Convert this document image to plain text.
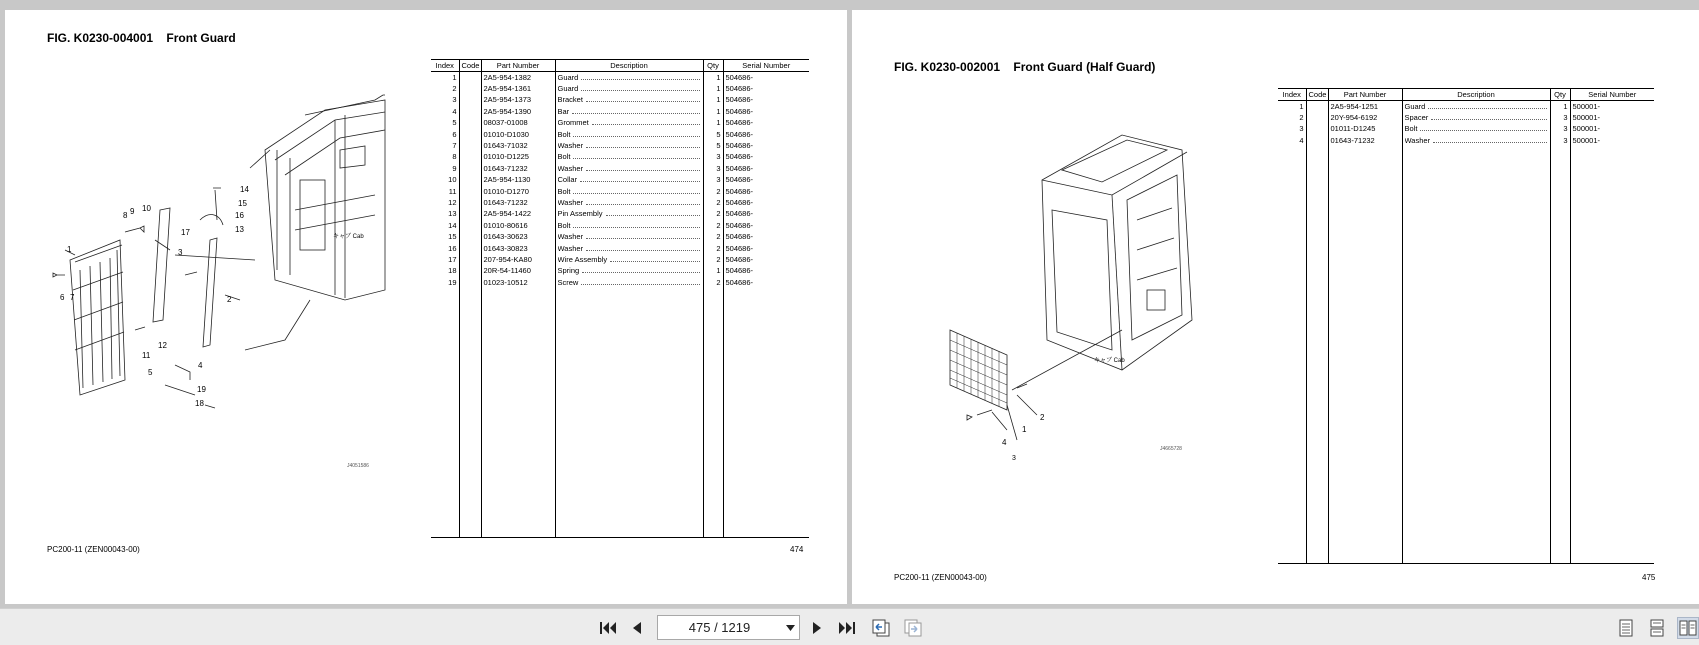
FIG. K0230-004001    Front Guard
1
2
3
4
5
6 7
8 9 10
11
12
13
14
15
16
17
18
19
キャブ Cab
J4051586
Index	Code	Part Number	Description	Qty	Serial Number
1		2A5-954-1382	Guard	1	504686-
2		2A5-954-1361	Guard	1	504686-
3		2A5-954-1373	Bracket	1	504686-
4		2A5-954-1390	Bar	1	504686-
5		08037-01008	Grommet	1	504686-
6		01010-D1030	Bolt	5	504686-
7		01643-71032	Washer	5	504686-
8		01010-D1225	Bolt	3	504686-
9		01643-71232	Washer	3	504686-
10		2A5-954-1130	Collar	3	504686-
11		01010-D1270	Bolt	2	504686-
12		01643-71232	Washer	2	504686-
13		2A5-954-1422	Pin Assembly	2	504686-
14		01010-80616	Bolt	2	504686-
15		01643-30623	Washer	2	504686-
16		01643-30823	Washer	2	504686-
17		207-954-KA80	Wire Assembly	2	504686-
18		20R-54-11460	Spring	1	504686-
19		01023-10512	Screw	2	504686-

PC200-11 (ZEN00043-00)	474
FIG. K0230-002001    Front Guard (Half Guard)
1
2
3
4
キャブ Cab
J4665728
Index	Code	Part Number	Description	Qty	Serial Number
1		2A5-954-1251	Guard	1	500001-
2		20Y-954-6192	Spacer	3	500001-
3		01011-D1245	Bolt	3	500001-
4		01643-71232	Washer	3	500001-

PC200-11 (ZEN00043-00)	475
475 / 1219
